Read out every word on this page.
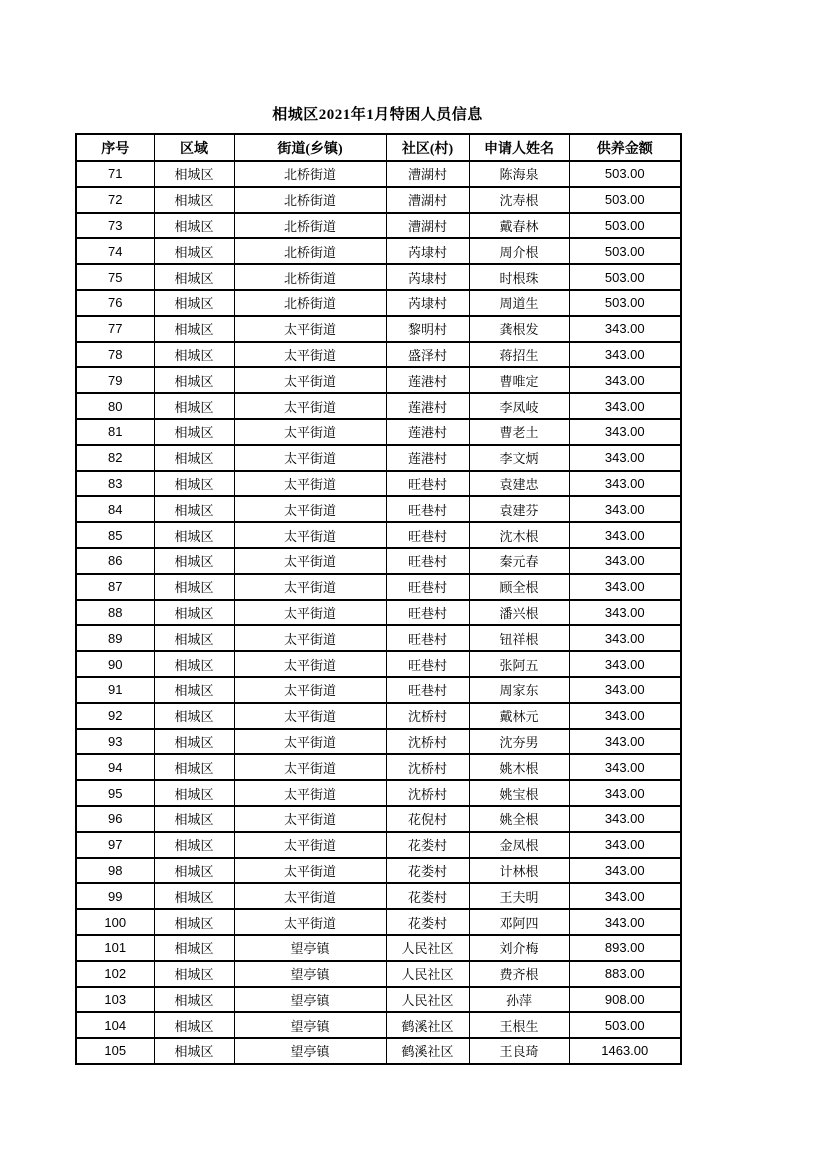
相城区2021年1月特困人员信息
序号	区域	街道(乡镇)	社区(村)	申请人姓名	供养金额
71	相城区	北桥街道	漕湖村	陈海泉	503.00
72	相城区	北桥街道	漕湖村	沈寿根	503.00
73	相城区	北桥街道	漕湖村	戴春林	503.00
74	相城区	北桥街道	芮埭村	周介根	503.00
75	相城区	北桥街道	芮埭村	时根珠	503.00
76	相城区	北桥街道	芮埭村	周道生	503.00
77	相城区	太平街道	黎明村	龚根发	343.00
78	相城区	太平街道	盛泽村	蒋招生	343.00
79	相城区	太平街道	莲港村	曹唯定	343.00
80	相城区	太平街道	莲港村	李凤岐	343.00
81	相城区	太平街道	莲港村	曹老土	343.00
82	相城区	太平街道	莲港村	李文炳	343.00
83	相城区	太平街道	旺巷村	袁建忠	343.00
84	相城区	太平街道	旺巷村	袁建芬	343.00
85	相城区	太平街道	旺巷村	沈木根	343.00
86	相城区	太平街道	旺巷村	秦元春	343.00
87	相城区	太平街道	旺巷村	顾全根	343.00
88	相城区	太平街道	旺巷村	潘兴根	343.00
89	相城区	太平街道	旺巷村	钮祥根	343.00
90	相城区	太平街道	旺巷村	张阿五	343.00
91	相城区	太平街道	旺巷村	周家东	343.00
92	相城区	太平街道	沈桥村	戴林元	343.00
93	相城区	太平街道	沈桥村	沈夯男	343.00
94	相城区	太平街道	沈桥村	姚木根	343.00
95	相城区	太平街道	沈桥村	姚宝根	343.00
96	相城区	太平街道	花倪村	姚全根	343.00
97	相城区	太平街道	花娄村	金凤根	343.00
98	相城区	太平街道	花娄村	计林根	343.00
99	相城区	太平街道	花娄村	王夫明	343.00
100	相城区	太平街道	花娄村	邓阿四	343.00
101	相城区	望亭镇	人民社区	刘介梅	893.00
102	相城区	望亭镇	人民社区	费齐根	883.00
103	相城区	望亭镇	人民社区	孙萍	908.00
104	相城区	望亭镇	鹤溪社区	王根生	503.00
105	相城区	望亭镇	鹤溪社区	王良琦	1463.00
